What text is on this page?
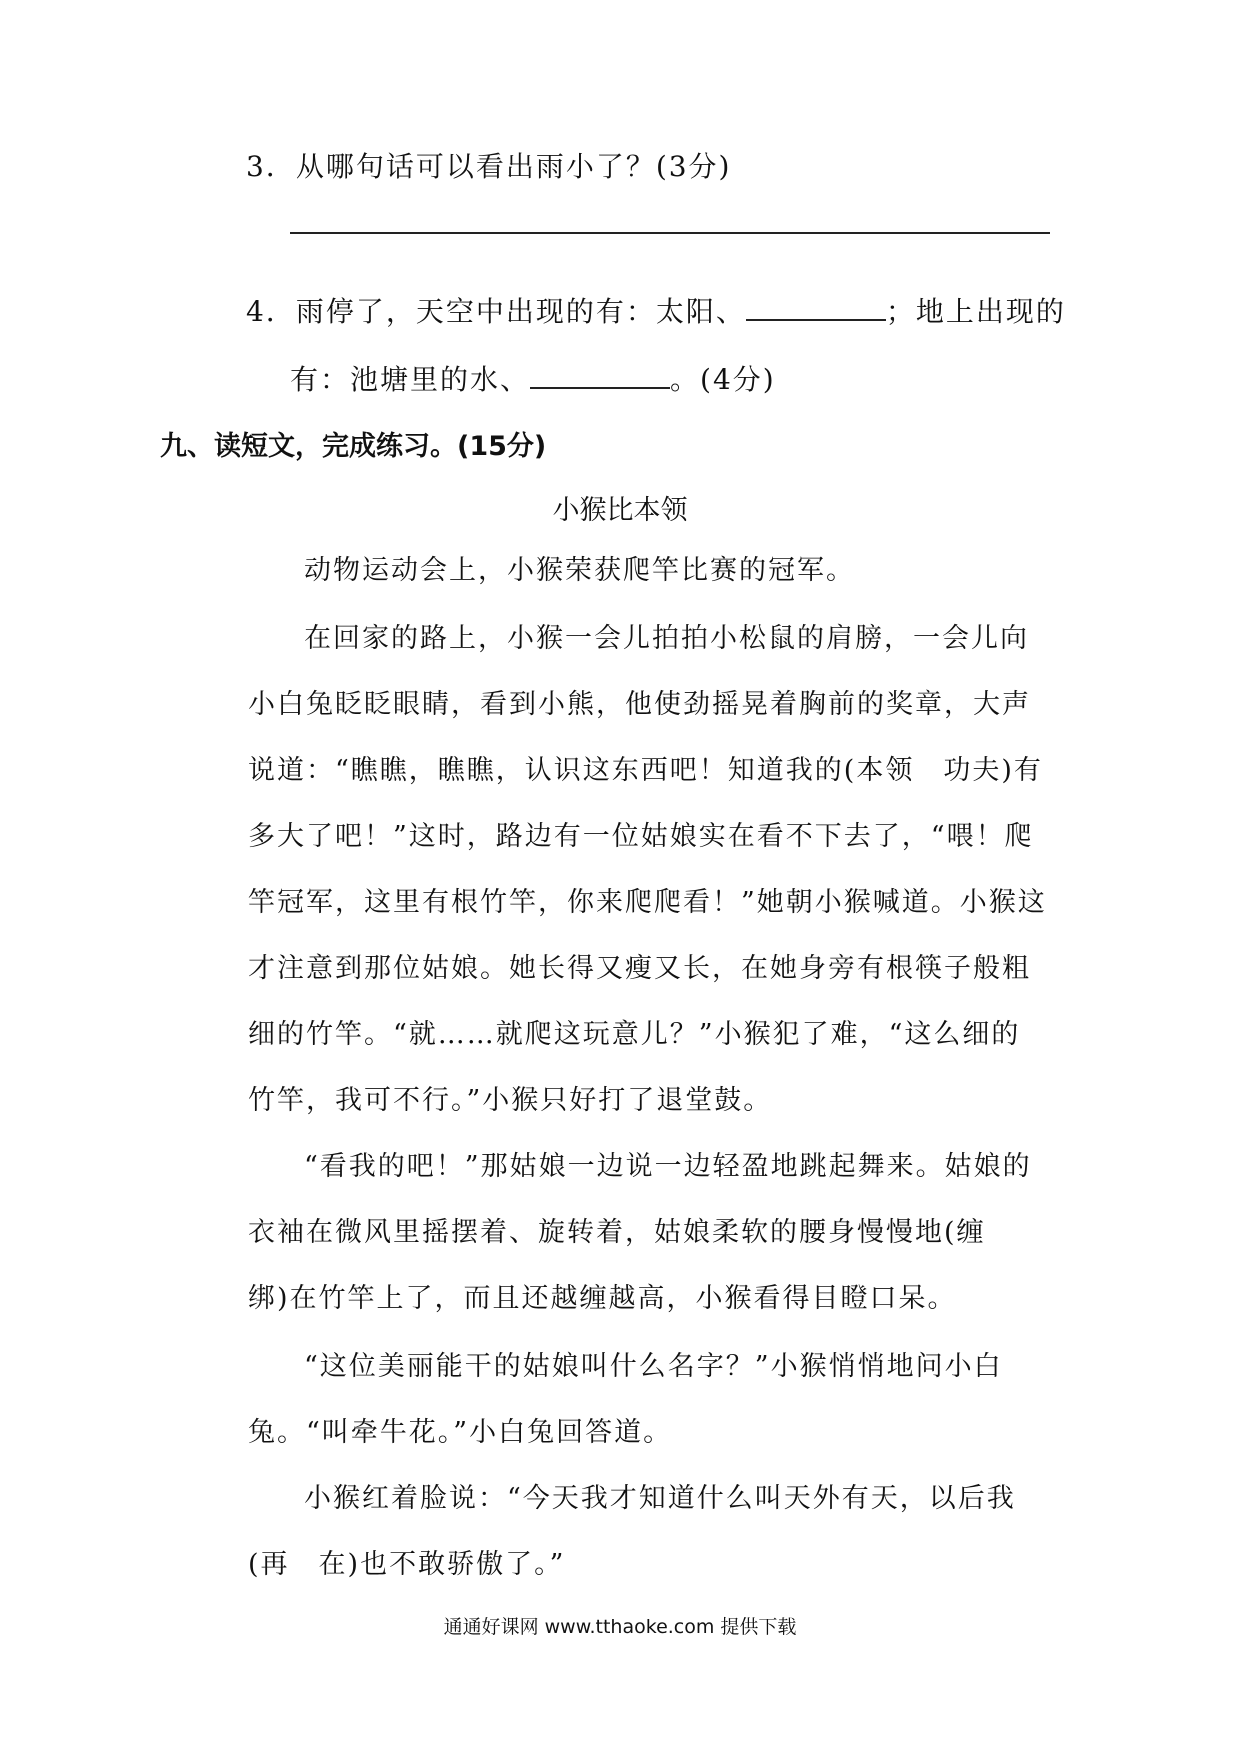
3．从哪句话可以看出雨小了？(3分)
4．雨停了，天空中出现的有：太阳、	；地上出现的
有：池塘里的水、	。(4分)
九、读短文，完成练习。(15分)
小猴比本领

动物运动会上，小猴荣获爬竿比赛的冠军。

在回家的路上，小猴一会儿拍拍小松鼠的肩膀，一会儿向小白兔眨眨眼睛，看到小熊，他使劲摇晃着胸前的奖章，大声说道：“瞧瞧，瞧瞧，认识这东西吧！知道我的(本领　功夫)有多大了吧！”这时，路边有一位姑娘实在看不下去了，“喂！爬竿冠军，这里有根竹竿，你来爬爬看！”她朝小猴喊道。小猴这才注意到那位姑娘。她长得又瘦又长，在她身旁有根筷子般粗细的竹竿。“就……就爬这玩意儿？”小猴犯了难，“这么细的竹竿，我可不行。”小猴只好打了退堂鼓。

“看我的吧！”那姑娘一边说一边轻盈地跳起舞来。姑娘的衣袖在微风里摇摆着、旋转着，姑娘柔软的腰身慢慢地(缠　绑)在竹竿上了，而且还越缠越高，小猴看得目瞪口呆。

“这位美丽能干的姑娘叫什么名字？”小猴悄悄地问小白兔。“叫牵牛花。”小白兔回答道。

小猴红着脸说：“今天我才知道什么叫天外有天，以后我(再　在)也不敢骄傲了。”

通通好课网 www.tthaoke.com 提供下载
